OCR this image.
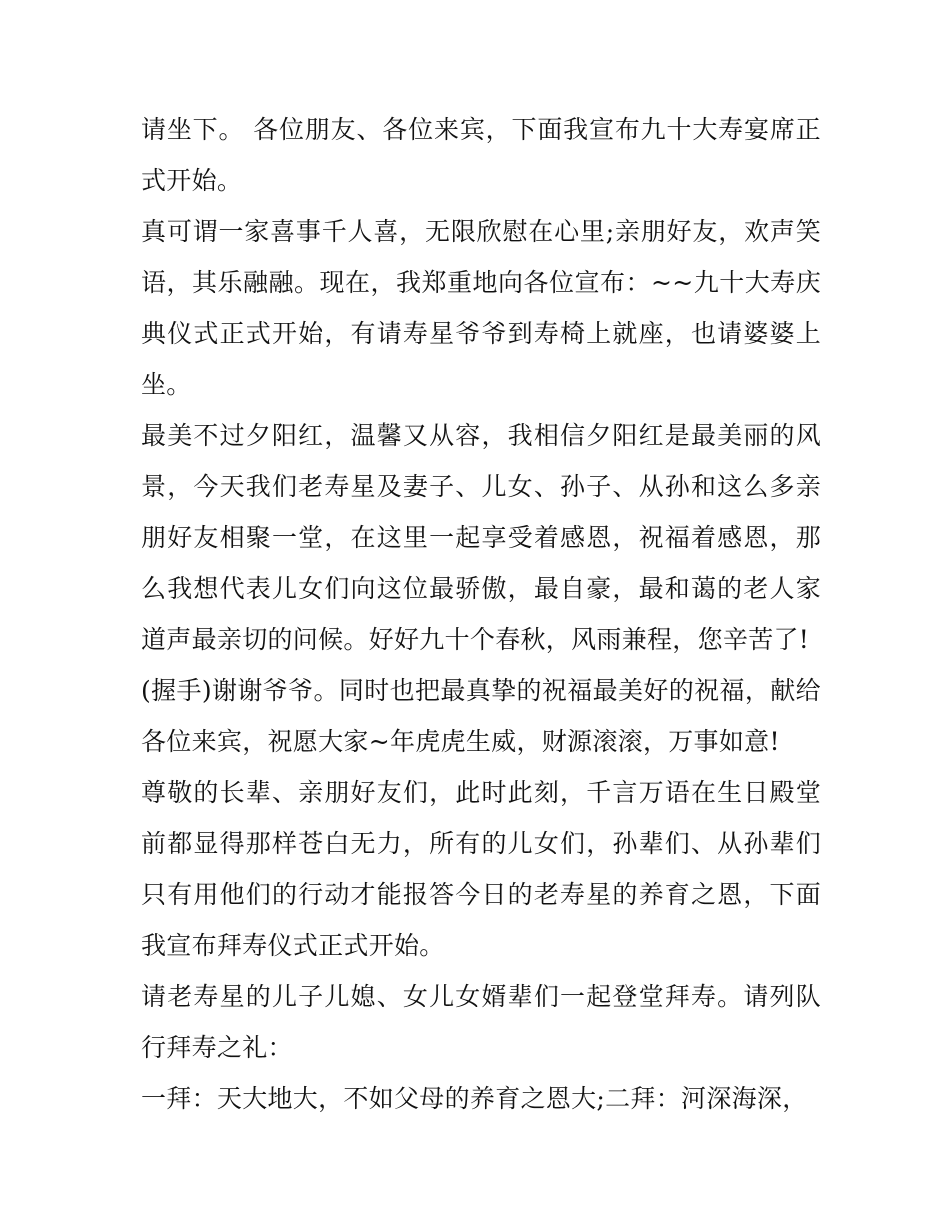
请坐下。 各位朋友、各位来宾，下面我宣布九十大寿宴席正式开始。

真可谓一家喜事千人喜，无限欣慰在心里;亲朋好友，欢声笑语，其乐融融。现在，我郑重地向各位宣布：~~九十大寿庆典仪式正式开始，有请寿星爷爷到寿椅上就座，也请婆婆上坐。

最美不过夕阳红，温馨又从容，我相信夕阳红是最美丽的风景，今天我们老寿星及妻子、儿女、孙子、从孙和这么多亲朋好友相聚一堂，在这里一起享受着感恩，祝福着感恩，那么我想代表儿女们向这位最骄傲，最自豪，最和蔼的老人家道声最亲切的问候。好好九十个春秋，风雨兼程，您辛苦了!

(握手)谢谢爷爷。同时也把最真挚的祝福最美好的祝福，献给各位来宾，祝愿大家~年虎虎生威，财源滚滚，万事如意!

尊敬的长辈、亲朋好友们，此时此刻，千言万语在生日殿堂前都显得那样苍白无力，所有的儿女们，孙辈们、从孙辈们只有用他们的行动才能报答今日的老寿星的养育之恩，下面我宣布拜寿仪式正式开始。

请老寿星的儿子儿媳、女儿女婿辈们一起登堂拜寿。请列队行拜寿之礼：

一拜：天大地大，不如父母的养育之恩大;二拜：河深海深，
